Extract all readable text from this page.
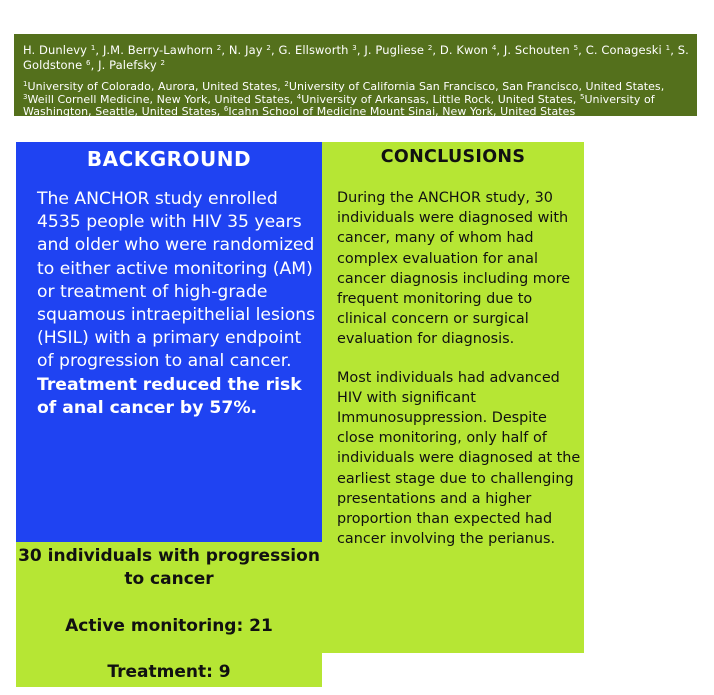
H. Dunlevy $^1$, J.M. Berry-Lawhorn $^2$, N. Jay $^2$, G. Ellsworth $^3$, J. Pugliese $^2$, D. Kwon $^4$, J. Schouten $^5$, C. Conageski $^1$, S. Goldstone $^6$, J. Palefsky $^2$
$^1$University of Colorado, Aurora, United States, $^2$University of California San Francisco, San Francisco, United States, $^3$Weill Cornell Medicine, New York, United States, $^4$University of Arkansas, Little Rock, United States, $^5$University of Washington, Seattle, United States, $^6$Icahn School of Medicine Mount Sinai, New York, United States
BACKGROUND
The ANCHOR study enrolled 4535 people with HIV 35 years and older who were randomized to either active monitoring (AM) or treatment of high-grade squamous intraepithelial lesions (HSIL) with a primary endpoint of progression to anal cancer. Treatment reduced the risk of anal cancer by 57%.
30 individuals with progression to cancer
Active monitoring: 21
Treatment: 9
CONCLUSIONS

During the ANCHOR study, 30 individuals were diagnosed with cancer, many of whom had complex evaluation for anal cancer diagnosis including more frequent monitoring due to clinical concern or surgical evaluation for diagnosis.

Most individuals had advanced HIV with significant Immunosuppression. Despite close monitoring, only half of individuals were diagnosed at the earliest stage due to challenging presentations and a higher proportion than expected had cancer involving the perianus.
